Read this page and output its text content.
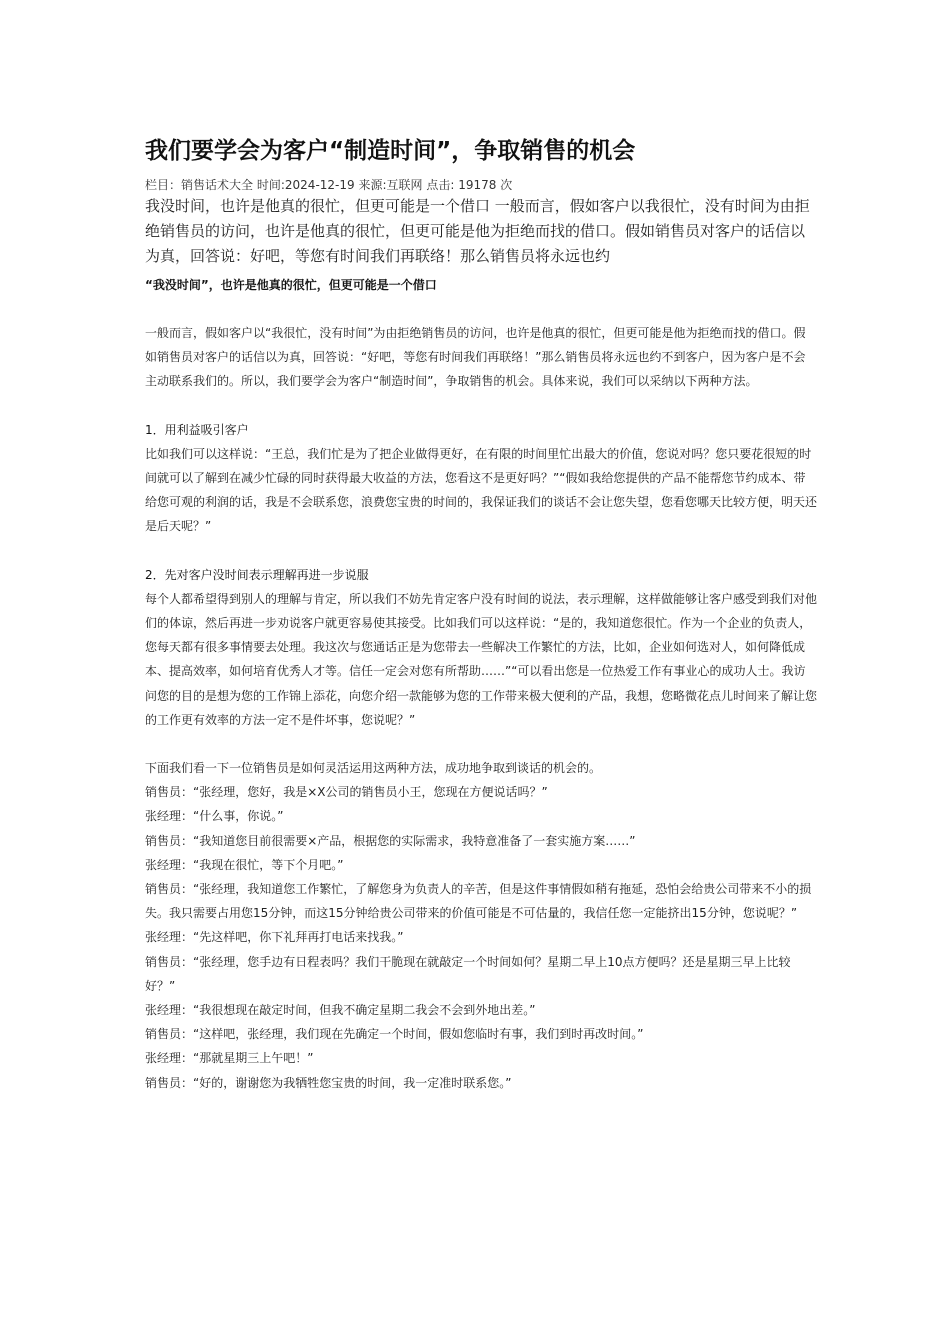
我们要学会为客户“制造时间”，争取销售的机会
栏目：销售话术大全 时间:2024-12-19 来源:互联网 点击: 19178 次

我没时间，也许是他真的很忙，但更可能是一个借口 一般而言，假如客户以我很忙，没有时间为由拒绝销售员的访问，也许是他真的很忙，但更可能是他为拒绝而找的借口。假如销售员对客户的话信以为真，回答说：好吧，等您有时间我们再联络！那么销售员将永远也约

“我没时间”，也许是他真的很忙，但更可能是一个借口

一般而言，假如客户以“我很忙，没有时间”为由拒绝销售员的访问，也许是他真的很忙，但更可能是他为拒绝而找的借口。假如销售员对客户的话信以为真，回答说：“好吧，等您有时间我们再联络！”那么销售员将永远也约不到客户，因为客户是不会主动联系我们的。所以，我们要学会为客户“制造时间”，争取销售的机会。具体来说，我们可以采纳以下两种方法。

1．用利益吸引客户

比如我们可以这样说：“王总，我们忙是为了把企业做得更好，在有限的时间里忙出最大的价值，您说对吗？您只要花很短的时间就可以了解到在减少忙碌的同时获得最大收益的方法，您看这不是更好吗？”“假如我给您提供的产品不能帮您节约成本、带给您可观的利润的话，我是不会联系您，浪费您宝贵的时间的，我保证我们的谈话不会让您失望，您看您哪天比较方便，明天还是后天呢？”

2．先对客户没时间表示理解再进一步说服

每个人都希望得到别人的理解与肯定，所以我们不妨先肯定客户没有时间的说法，表示理解，这样做能够让客户感受到我们对他们的体谅，然后再进一步劝说客户就更容易使其接受。比如我们可以这样说：“是的，我知道您很忙。作为一个企业的负责人，您每天都有很多事情要去处理。我这次与您通话正是为您带去一些解决工作繁忙的方法，比如，企业如何选对人，如何降低成本、提高效率，如何培育优秀人才等。信任一定会对您有所帮助……”“可以看出您是一位热爱工作有事业心的成功人士。我访问您的目的是想为您的工作锦上添花，向您介绍一款能够为您的工作带来极大便利的产品，我想，您略微花点儿时间来了解让您的工作更有效率的方法一定不是件坏事，您说呢？”

下面我们看一下一位销售员是如何灵活运用这两种方法，成功地争取到谈话的机会的。

销售员：“张经理，您好，我是×X公司的销售员小王，您现在方便说话吗？”

张经理：“什么事，你说。”

销售员：“我知道您目前很需要×产品，根据您的实际需求，我特意准备了一套实施方案……”

张经理：“我现在很忙，等下个月吧。”

销售员：“张经理，我知道您工作繁忙，了解您身为负责人的辛苦，但是这件事情假如稍有拖延，恐怕会给贵公司带来不小的损失。我只需要占用您15分钟，而这15分钟给贵公司带来的价值可能是不可估量的，我信任您一定能挤出15分钟，您说呢？”

张经理：“先这样吧，你下礼拜再打电话来找我。”

销售员：“张经理，您手边有日程表吗？我们干脆现在就敲定一个时间如何？星期二早上10点方便吗？还是星期三早上比较好？”

张经理：“我很想现在敲定时间，但我不确定星期二我会不会到外地出差。”

销售员：“这样吧，张经理，我们现在先确定一个时间，假如您临时有事，我们到时再改时间。”

张经理：“那就星期三上午吧！”

销售员：“好的，谢谢您为我牺牲您宝贵的时间，我一定准时联系您。”
